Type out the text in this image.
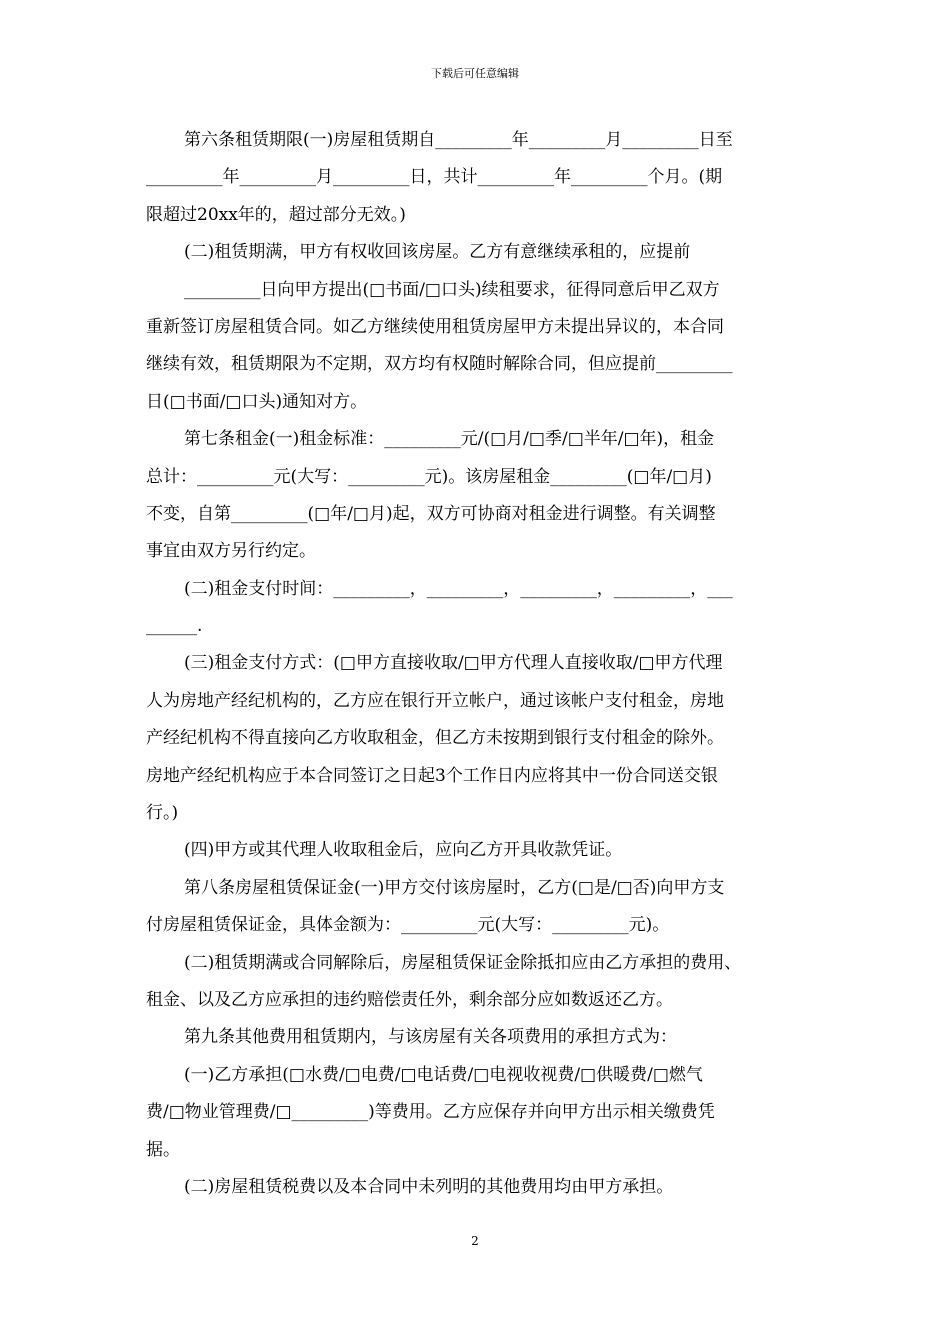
下载后可任意编辑
第六条租赁期限(一)房屋租赁期自_________年_________月_________日至
_________年_________月_________日，共计_________年_________个月。(期
限超过20xx年的，超过部分无效。)
(二)租赁期满，甲方有权收回该房屋。乙方有意继续承租的，应提前
_________日向甲方提出(□书面/□口头)续租要求，征得同意后甲乙双方
重新签订房屋租赁合同。如乙方继续使用租赁房屋甲方未提出异议的，本合同
继续有效，租赁期限为不定期，双方均有权随时解除合同，但应提前_________
日(□书面/□口头)通知对方。
第七条租金(一)租金标准：_________元/(□月/□季/□半年/□年)，租金
总计：_________元(大写：_________元)。该房屋租金_________(□年/□月)
不变，自第_________(□年/□月)起，双方可协商对租金进行调整。有关调整
事宜由双方另行约定。
(二)租金支付时间：_________，_________，_________，_________，___
______.
(三)租金支付方式：(□甲方直接收取/□甲方代理人直接收取/□甲方代理
人为房地产经纪机构的，乙方应在银行开立帐户，通过该帐户支付租金，房地
产经纪机构不得直接向乙方收取租金，但乙方未按期到银行支付租金的除外。
房地产经纪机构应于本合同签订之日起3个工作日内应将其中一份合同送交银
行。)
(四)甲方或其代理人收取租金后，应向乙方开具收款凭证。
第八条房屋租赁保证金(一)甲方交付该房屋时，乙方(□是/□否)向甲方支
付房屋租赁保证金，具体金额为：_________元(大写：_________元)。
(二)租赁期满或合同解除后，房屋租赁保证金除抵扣应由乙方承担的费用、
租金、以及乙方应承担的违约赔偿责任外，剩余部分应如数返还乙方。
第九条其他费用租赁期内，与该房屋有关各项费用的承担方式为：
(一)乙方承担(□水费/□电费/□电话费/□电视收视费/□供暖费/□燃气
费/□物业管理费/□_________)等费用。乙方应保存并向甲方出示相关缴费凭
据。
(二)房屋租赁税费以及本合同中未列明的其他费用均由甲方承担。
2
